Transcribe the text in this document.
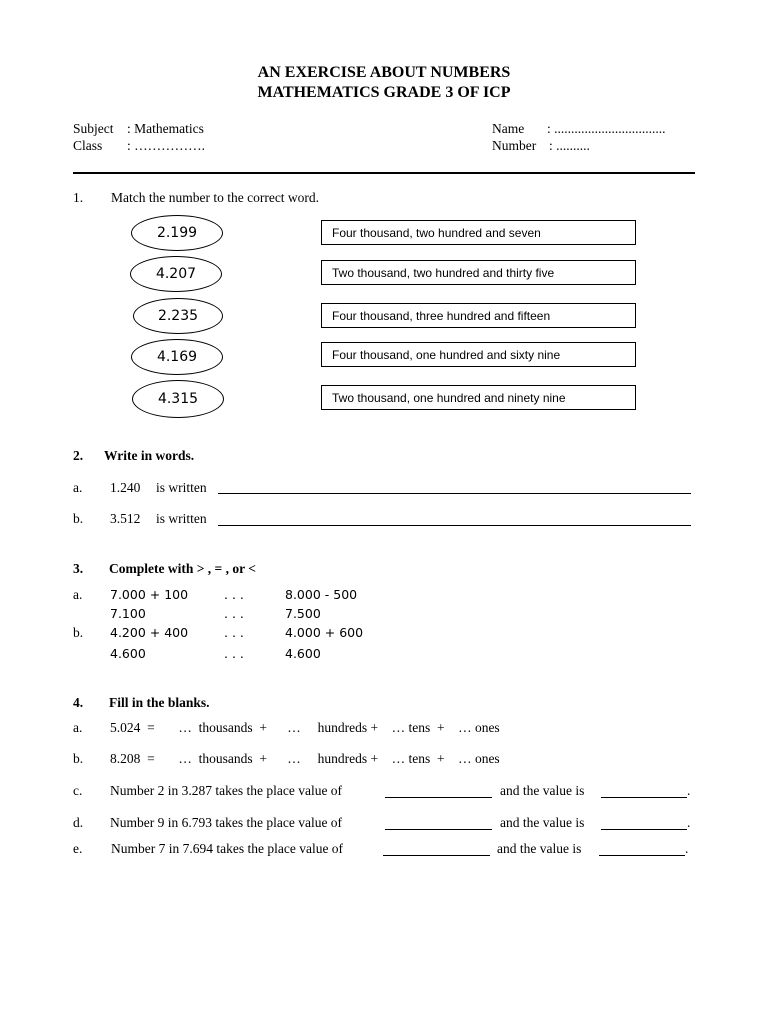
AN EXERCISE ABOUT NUMBERS
MATHEMATICS GRADE 3 OF ICP
Subject : Mathematics
Class : …………….
Name : .................................
Number : ..........
1. Match the number to the correct word.
2.199
4.207
2.235
4.169
4.315
Four thousand, two hundred and seven
Two thousand, two hundred and thirty five
Four thousand, three hundred and fifteen
Four thousand, one hundred and sixty nine
Two thousand, one hundred and ninety nine
2. Write in words.
a. 1.240 is written
b. 3.512 is written
3. Complete with > , = , or <
a. 7.000 + 100	. . .	8.000 - 500
7.100	. . .	7.500
b. 4.200 + 400	. . .	4.000 + 600
4.600	. . .	4.600
4. Fill in the blanks.
a. 5.024  =       …  thousands  +      …     hundreds +    … tens  +    … ones
b. 8.208  =       …  thousands  +      …     hundreds +    … tens  +    … ones
c. Number 2 in 3.287 takes the place value of	and the value is	.
d. Number 9 in 6.793 takes the place value of	and the value is	.
e. Number 7 in 7.694 takes the place value of	and the value is	.
